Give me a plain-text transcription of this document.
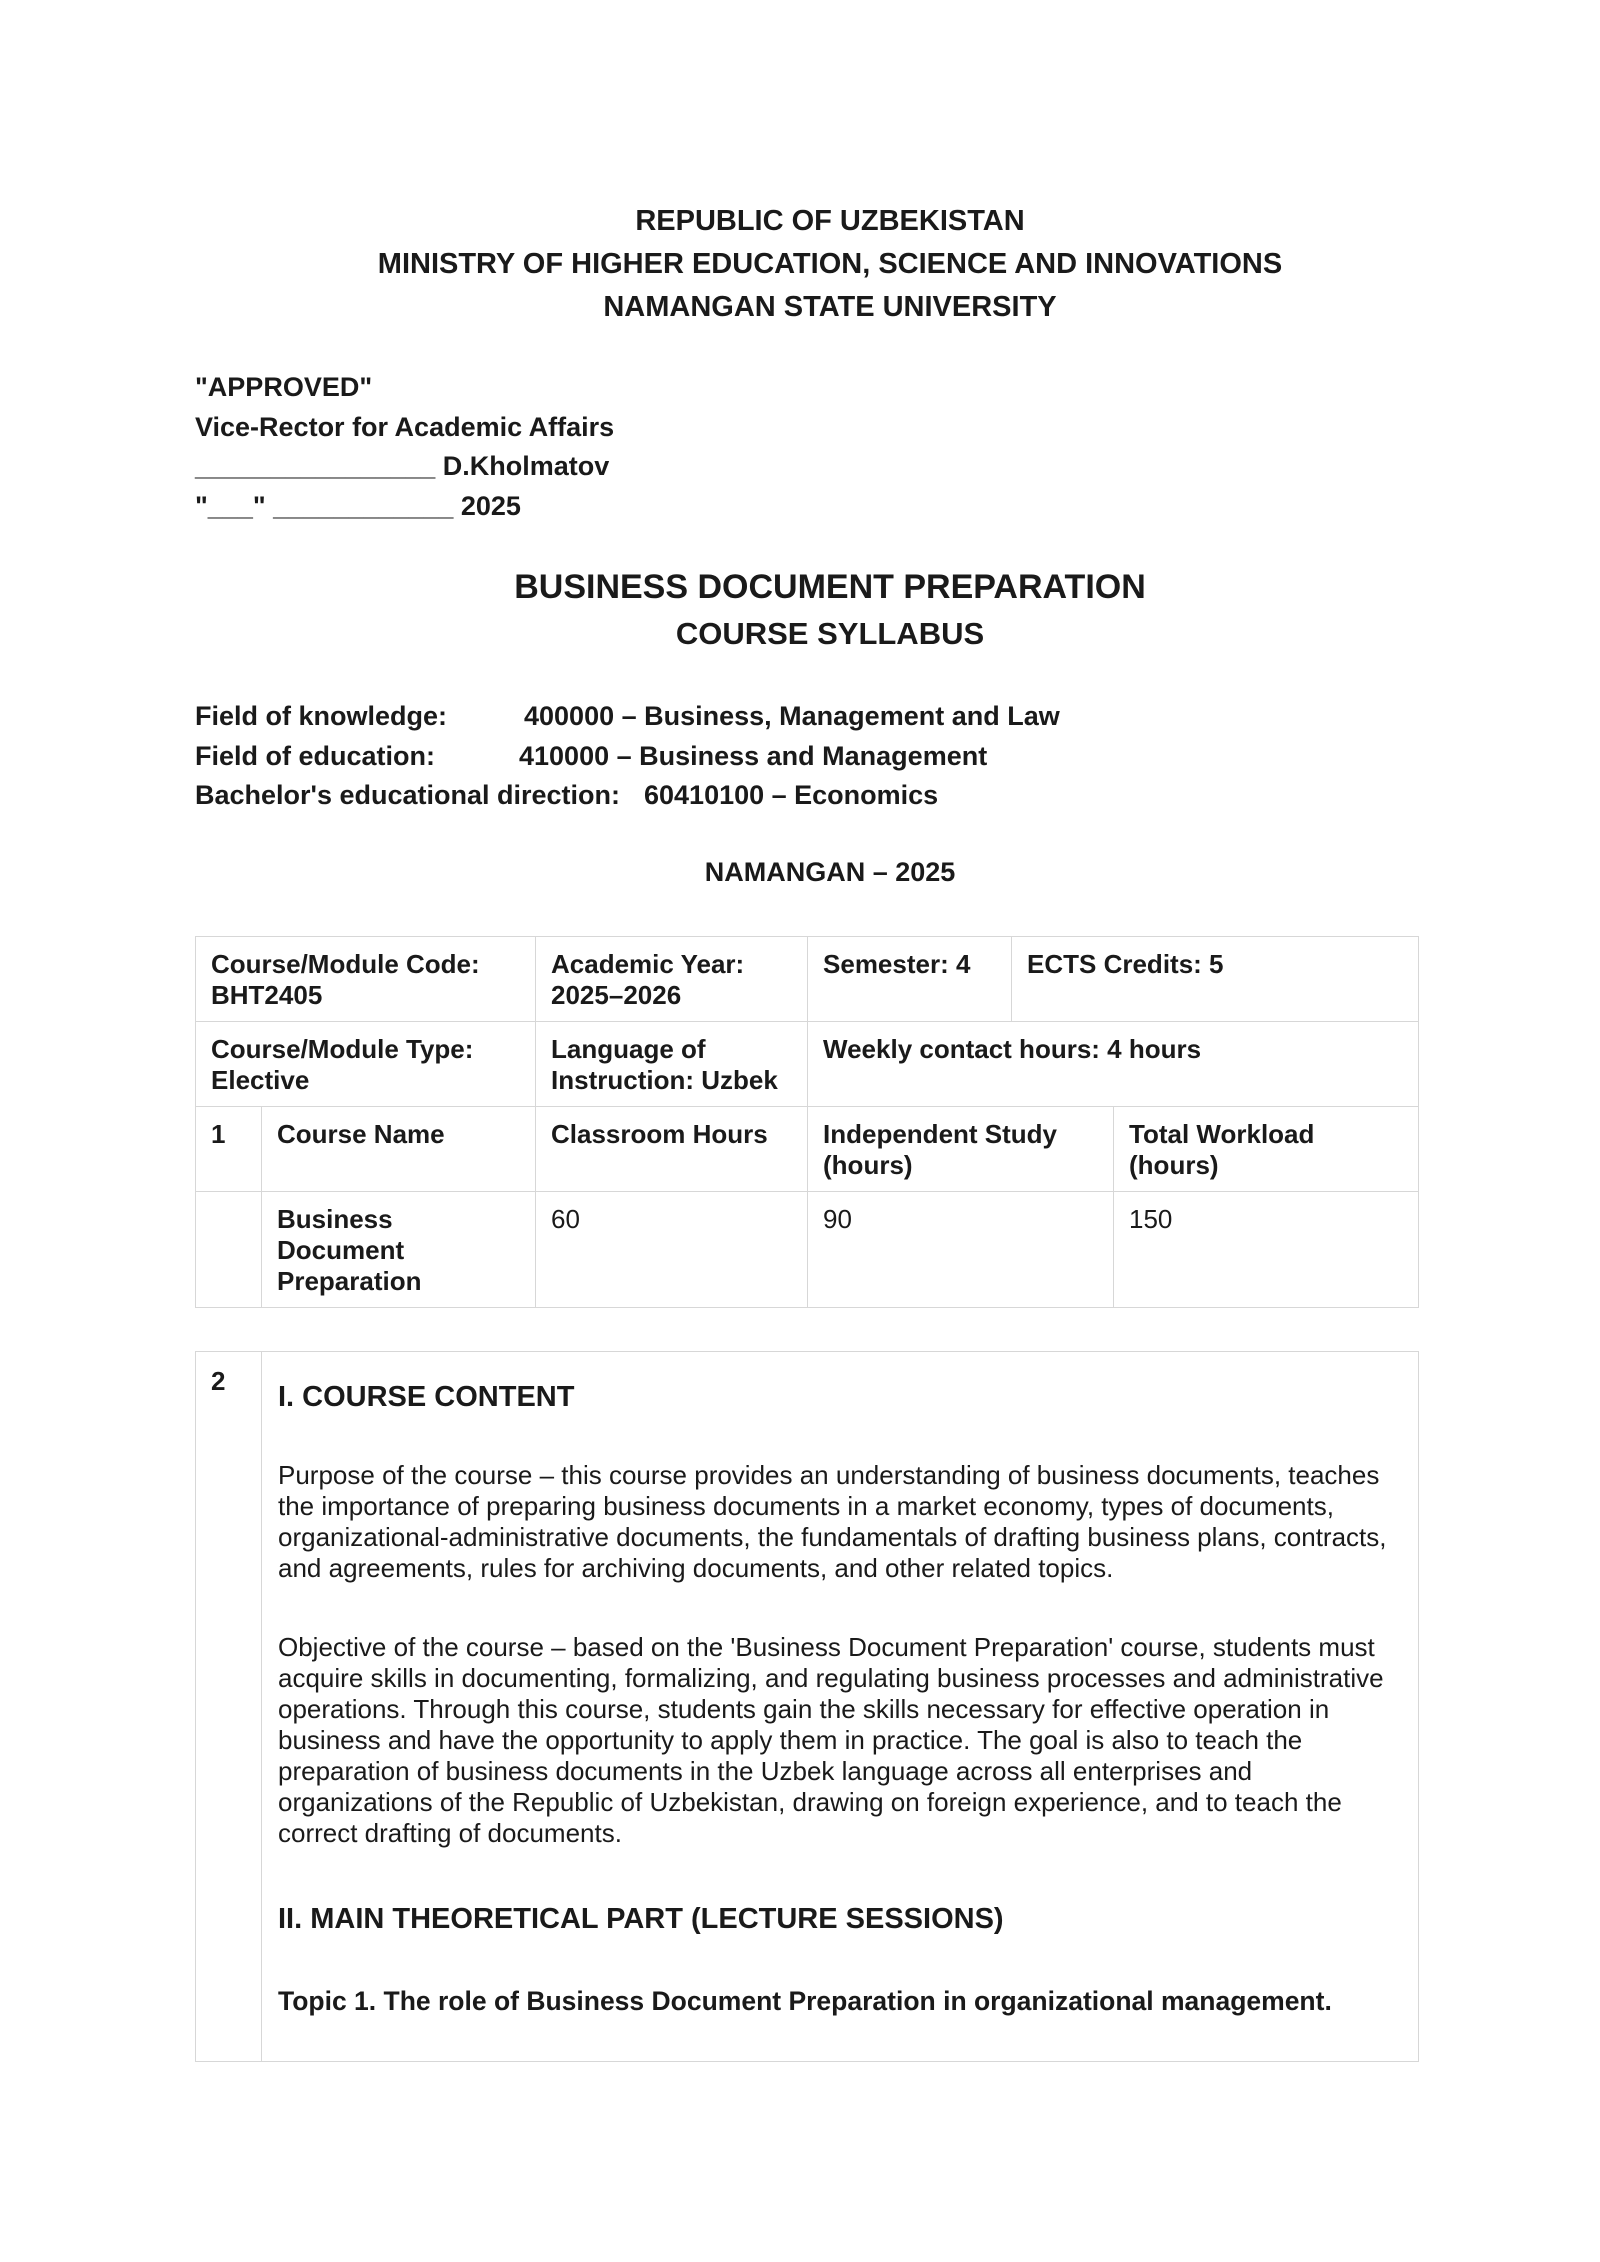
REPUBLIC OF UZBEKISTAN
MINISTRY OF HIGHER EDUCATION, SCIENCE AND INNOVATIONS
NAMANGAN STATE UNIVERSITY
"APPROVED"
Vice-Rector for Academic Affairs
________________ D.Kholmatov
"___" ____________ 2025
BUSINESS DOCUMENT PREPARATION
COURSE SYLLABUS
Field of knowledge:	400000 – Business, Management and Law
Field of education:	410000 – Business and Management
Bachelor's educational direction: 60410100 – Economics
NAMANGAN – 2025
Course/Module Code: BHT2405		Academic Year: 2025–2026	Semester: 4	ECTS Credits: 5	
Course/Module Type: Elective		Language of Instruction: Uzbek	Weekly contact hours: 4 hours		
1	Course Name	Classroom Hours	Independent Study (hours)		Total Workload (hours)
	Business Document Preparation	60	90		150
2	I. COURSE CONTENT

Purpose of the course – this course provides an understanding of business documents, teaches the importance of preparing business documents in a market economy, types of documents, organizational-administrative documents, the fundamentals of drafting business plans, contracts, and agreements, rules for archiving documents, and other related topics.

Objective of the course – based on the 'Business Document Preparation' course, students must acquire skills in documenting, formalizing, and regulating business processes and administrative operations. Through this course, students gain the skills necessary for effective operation in business and have the opportunity to apply them in practice. The goal is also to teach the preparation of business documents in the Uzbek language across all enterprises and organizations of the Republic of Uzbekistan, drawing on foreign experience, and to teach the correct drafting of documents.

II. MAIN THEORETICAL PART (LECTURE SESSIONS)

Topic 1. The role of Business Document Preparation in organizational management.
